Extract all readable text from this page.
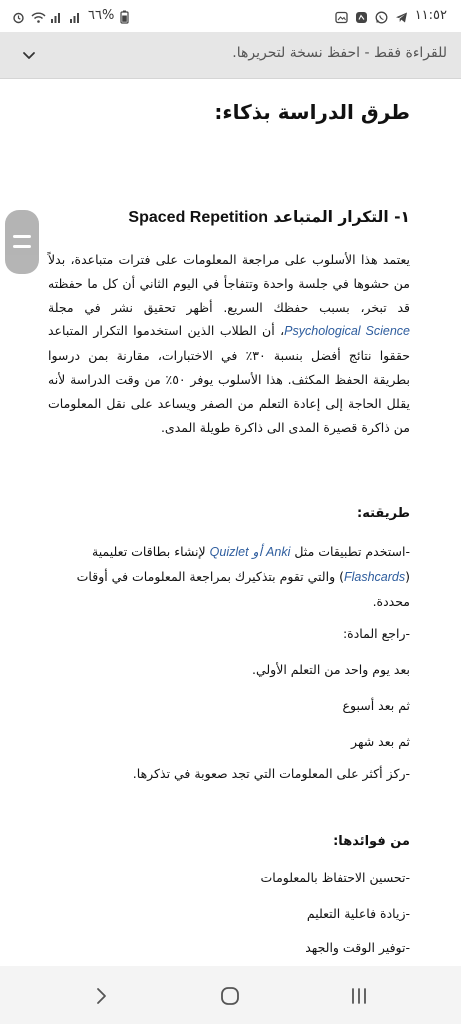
٦٦%	١١:٥٢
للقراءة فقط - احفظ نسخة لتحريرها.
طرق الدراسة بذكاء:
١- التكرار المتباعد Spaced Repetition

يعتمد هذا الأسلوب على مراجعة المعلومات على فترات متباعدة، بدلاً من حشوها في جلسة واحدة وتتفاجأ في اليوم الثاني أن كل ما حفظته قد تبخر، بسبب حفظك السريع. أظهر تحقيق نشر في مجلة Psychological Science، أن الطلاب الذين استخدموا التكرار المتباعد حققوا نتائج أفضل بنسبة ٣٠٪ في الاختبارات، مقارنة بمن درسوا بطريقة الحفظ المكثف. هذا الأسلوب يوفر ٥٠٪ من وقت الدراسة لأنه يقلل الحاجة إلى إعادة التعلم من الصفر ويساعد على نقل المعلومات من ذاكرة قصيرة المدى الى ذاكرة طويلة المدى.

طريقته:

-استخدم تطبيقات مثل Anki أو Quizlet لإنشاء بطاقات تعليمية (Flashcards) والتي تقوم بتذكيرك بمراجعة المعلومات في أوقات محددة.

-راجع المادة:

بعد يوم واحد من التعلم الأولي.

ثم بعد أسبوع

ثم بعد شهر

-ركز أكثر على المعلومات التي تجد صعوبة في تذكرها.

من فوائدها:

-تحسين الاحتفاظ بالمعلومات

-زيادة فاعلية التعليم

-توفير الوقت والجهد
